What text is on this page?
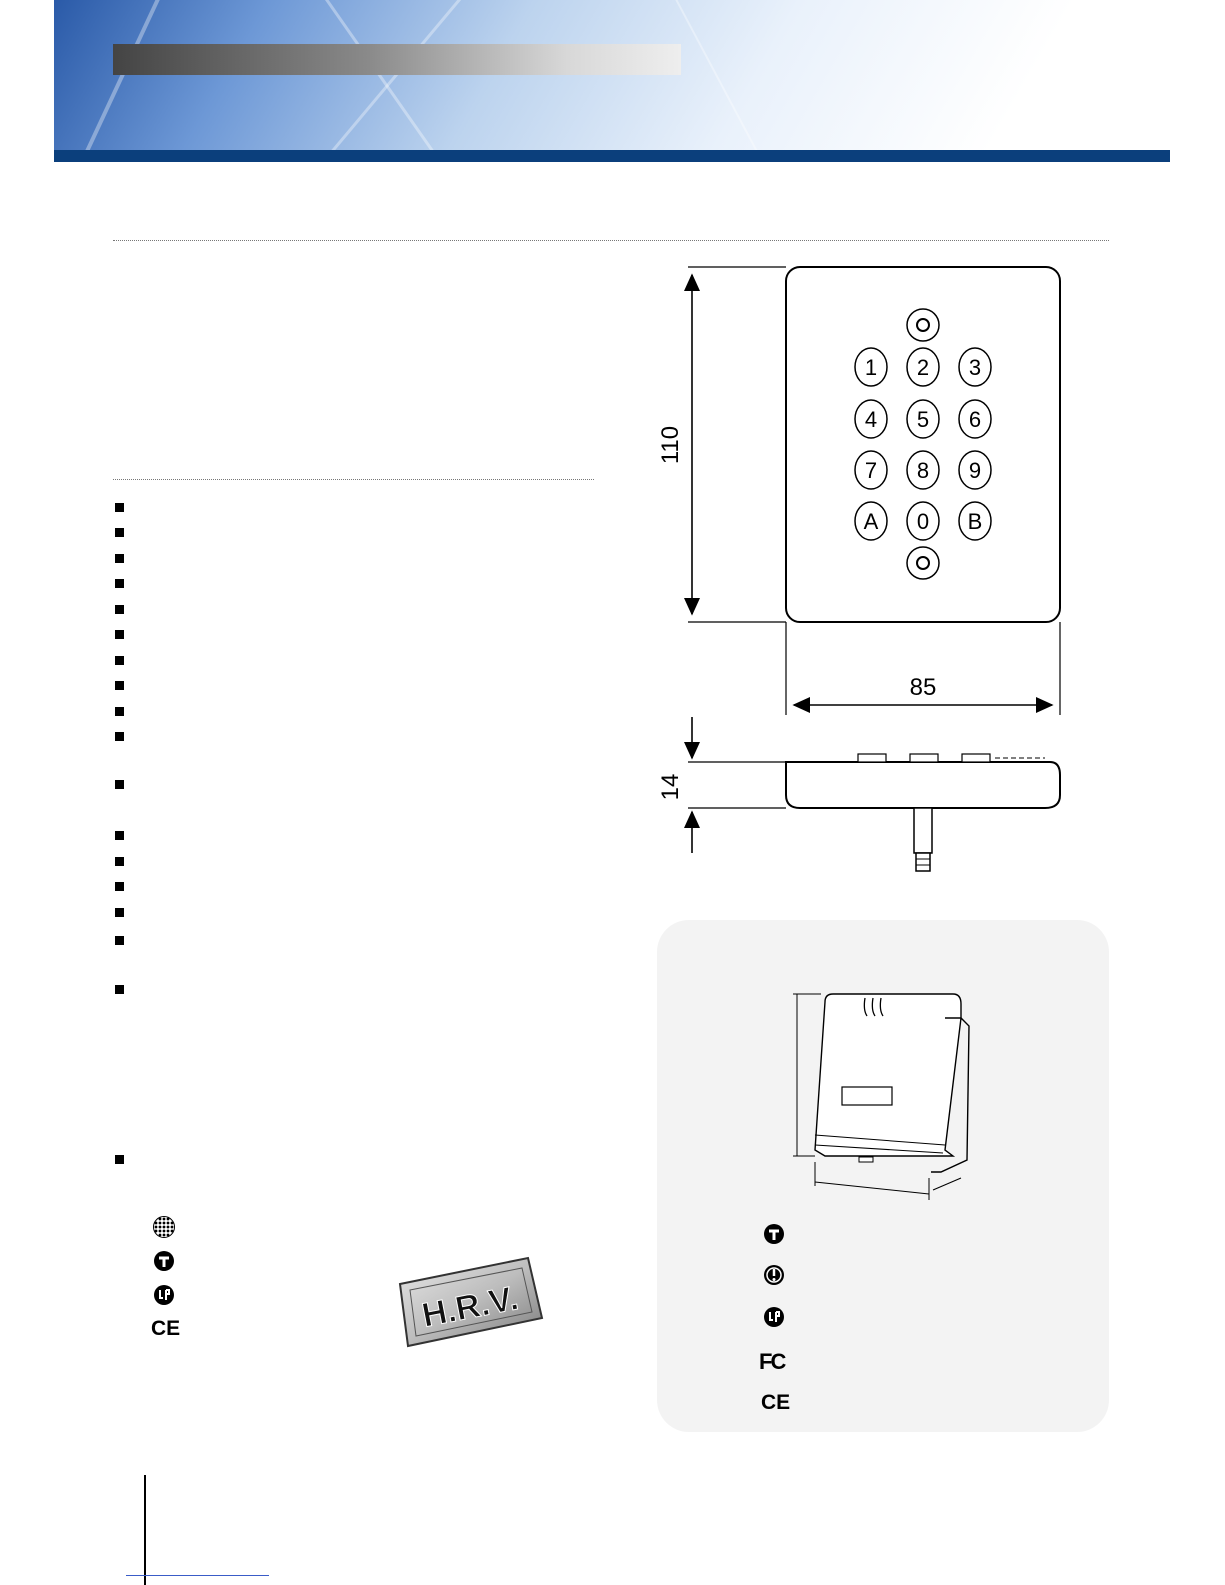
110
85
1 2 3
4 5 6
7 8 9
A 0 B
14
CE	H.R.V.
FC
CE
